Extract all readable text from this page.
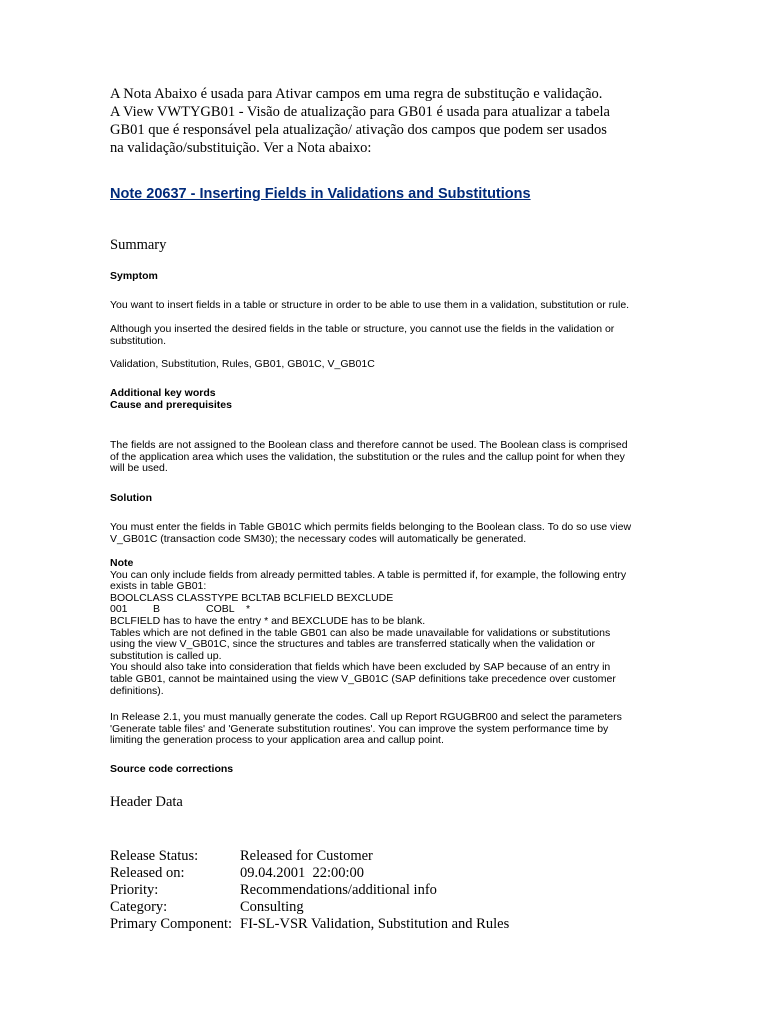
A Nota Abaixo é usada para Ativar campos em uma regra de substitução e validação.
A View VWTYGB01 - Visão de atualização para GB01 é usada para atualizar a tabela
GB01 que é responsável pela atualização/ ativação dos campos que podem ser usados
na validação/substituição. Ver a Nota abaixo:
Note 20637 - Inserting Fields in Validations and Substitutions
Summary
Symptom
You want to insert fields in a table or structure in order to be able to use them in a validation, substitution or rule.
Although you inserted the desired fields in the table or structure, you cannot use the fields in the validation or
substitution.
Validation, Substitution, Rules, GB01, GB01C, V_GB01C
Additional key words
Cause and prerequisites
The fields are not assigned to the Boolean class and therefore cannot be used. The Boolean class is comprised
of the application area which uses the validation, the substitution or the rules and the callup point for when they
will be used.
Solution
You must enter the fields in Table GB01C which permits fields belonging to the Boolean class. To do so use view
V_GB01C (transaction code SM30); the necessary codes will automatically be generated.
Note
You can only include fields from already permitted tables. A table is permitted if, for example, the following entry
exists in table GB01:
BOOLCLASS CLASSTYPE BCLTAB BCLFIELD BEXCLUDE
001 B	COBL *
BCLFIELD has to have the entry * and BEXCLUDE has to be blank.
Tables which are not defined in the table GB01 can also be made unavailable for validations or substitutions
using the view V_GB01C, since the structures and tables are transferred statically when the validation or
substitution is called up.
You should also take into consideration that fields which have been excluded by SAP because of an entry in
table GB01, cannot be maintained using the view V_GB01C (SAP definitions take precedence over customer
definitions).
In Release 2.1, you must manually generate the codes. Call up Report RGUGBR00 and select the parameters
'Generate table files' and 'Generate substitution routines'. You can improve the system performance time by
limiting the generation process to your application area and callup point.
Source code corrections
Header Data
Release Status:	Released for Customer
Released on:	09.04.2001  22:00:00
Priority:	Recommendations/additional info
Category:	Consulting
Primary Component: FI-SL-VSR Validation, Substitution and Rules
